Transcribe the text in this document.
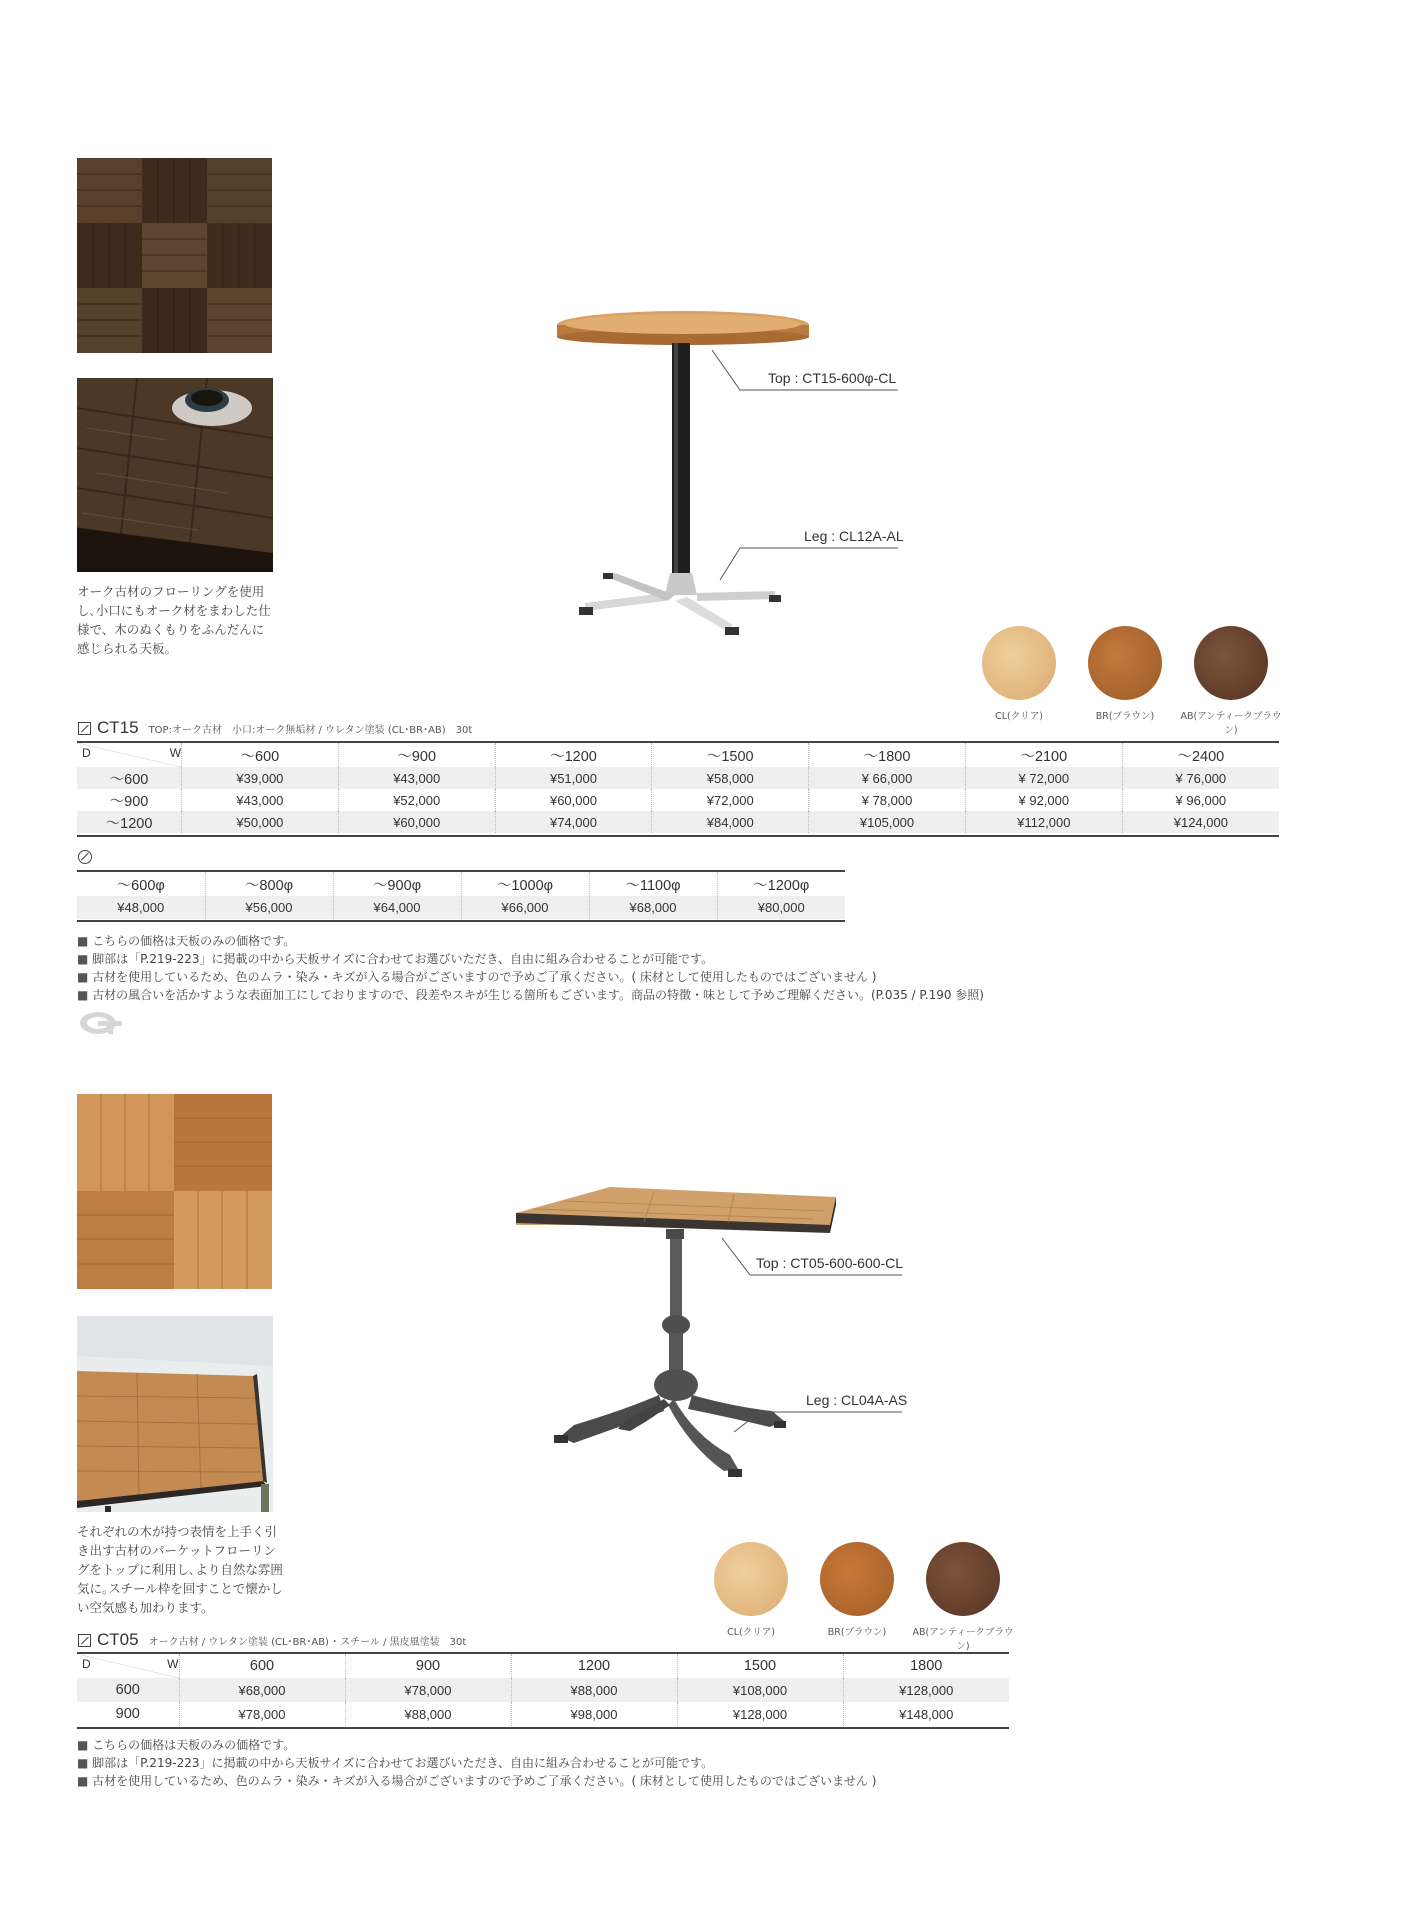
オーク古材のフローリングを使用
し､小口にもオーク材をまわした仕
様で、木のぬくもりをふんだんに
感じられる天板。
Top : CT15-600φ-CL
Leg : CL12A-AL
CL(クリア)	BR(ブラウン)	AB(アンティークブラウン)
CT15 TOP:オーク古材　小口:オーク無垢材 / ウレタン塗装 (CL･BR･AB)　30t
D W	～600	～900	～1200	～1500	～1800	～2100	～2400
～600	¥39,000	¥43,000	¥51,000	¥58,000	¥ 66,000	¥ 72,000	¥ 76,000
～900	¥43,000	¥52,000	¥60,000	¥72,000	¥ 78,000	¥ 92,000	¥ 96,000
～1200	¥50,000	¥60,000	¥74,000	¥84,000	¥105,000	¥112,000	¥124,000
～600φ	～800φ	～900φ	～1000φ	～1100φ	～1200φ
¥48,000	¥56,000	¥64,000	¥66,000	¥68,000	¥80,000
■ こちらの価格は天板のみの価格です。
■ 脚部は「P.219-223」に掲載の中から天板サイズに合わせてお選びいただき、自由に組み合わせることが可能です。
■ 古材を使用しているため、色のムラ・染み・キズが入る場合がございますので予めご了承ください。( 床材として使用したものではございません )
■ 古材の風合いを活かすような表面加工にしておりますので、段差やスキが生じる箇所もございます。商品の特徴・味として予めご理解ください。(P.035 / P.190 参照)
それぞれの木が持つ表情を上手く引
き出す古材のパーケットフローリン
グをトップに利用し､より自然な雰囲
気に｡スチール枠を回すことで懐かし
い空気感も加わります。
Top : CT05-600-600-CL
Leg : CL04A-AS
CL(クリア)	BR(ブラウン)	AB(アンティークブラウン)
CT05 オーク古材 / ウレタン塗装 (CL･BR･AB) ･ スチール / 黒皮風塗装　30t
D W	600	900	1200	1500	1800
600	¥68,000	¥78,000	¥88,000	¥108,000	¥128,000
900	¥78,000	¥88,000	¥98,000	¥128,000	¥148,000
■ こちらの価格は天板のみの価格です。
■ 脚部は「P.219-223」に掲載の中から天板サイズに合わせてお選びいただき、自由に組み合わせることが可能です。
■ 古材を使用しているため、色のムラ・染み・キズが入る場合がございますので予めご了承ください。( 床材として使用したものではございません )
